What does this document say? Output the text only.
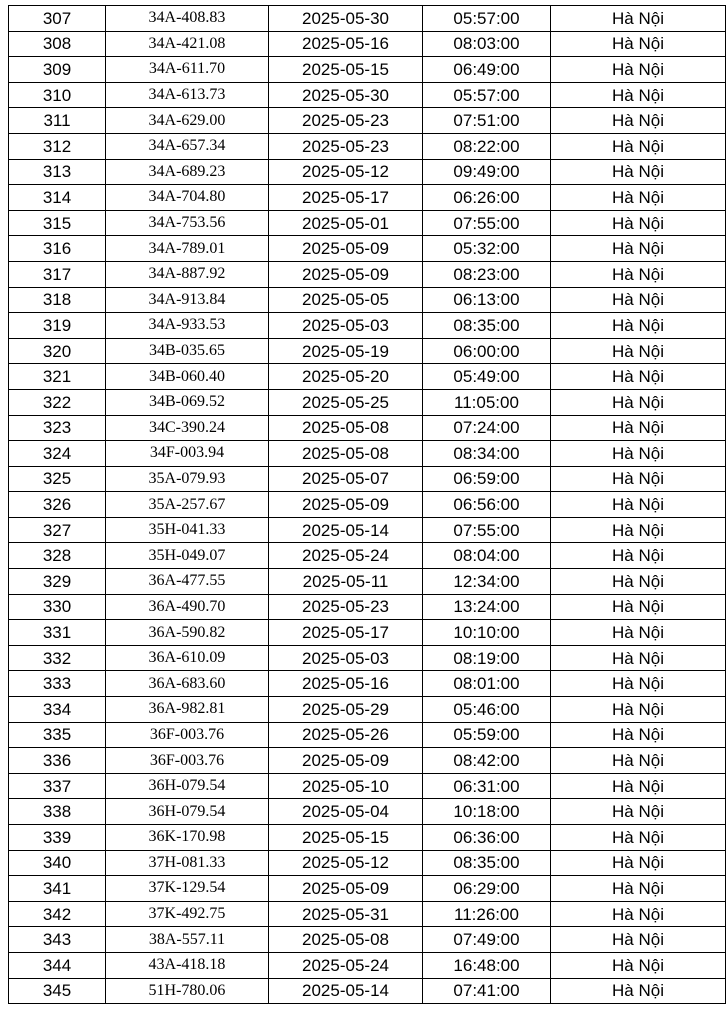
307	34A-408.83	2025-05-30	05:57:00	Hà Nội
308	34A-421.08	2025-05-16	08:03:00	Hà Nội
309	34A-611.70	2025-05-15	06:49:00	Hà Nội
310	34A-613.73	2025-05-30	05:57:00	Hà Nội
311	34A-629.00	2025-05-23	07:51:00	Hà Nội
312	34A-657.34	2025-05-23	08:22:00	Hà Nội
313	34A-689.23	2025-05-12	09:49:00	Hà Nội
314	34A-704.80	2025-05-17	06:26:00	Hà Nội
315	34A-753.56	2025-05-01	07:55:00	Hà Nội
316	34A-789.01	2025-05-09	05:32:00	Hà Nội
317	34A-887.92	2025-05-09	08:23:00	Hà Nội
318	34A-913.84	2025-05-05	06:13:00	Hà Nội
319	34A-933.53	2025-05-03	08:35:00	Hà Nội
320	34B-035.65	2025-05-19	06:00:00	Hà Nội
321	34B-060.40	2025-05-20	05:49:00	Hà Nội
322	34B-069.52	2025-05-25	11:05:00	Hà Nội
323	34C-390.24	2025-05-08	07:24:00	Hà Nội
324	34F-003.94	2025-05-08	08:34:00	Hà Nội
325	35A-079.93	2025-05-07	06:59:00	Hà Nội
326	35A-257.67	2025-05-09	06:56:00	Hà Nội
327	35H-041.33	2025-05-14	07:55:00	Hà Nội
328	35H-049.07	2025-05-24	08:04:00	Hà Nội
329	36A-477.55	2025-05-11	12:34:00	Hà Nội
330	36A-490.70	2025-05-23	13:24:00	Hà Nội
331	36A-590.82	2025-05-17	10:10:00	Hà Nội
332	36A-610.09	2025-05-03	08:19:00	Hà Nội
333	36A-683.60	2025-05-16	08:01:00	Hà Nội
334	36A-982.81	2025-05-29	05:46:00	Hà Nội
335	36F-003.76	2025-05-26	05:59:00	Hà Nội
336	36F-003.76	2025-05-09	08:42:00	Hà Nội
337	36H-079.54	2025-05-10	06:31:00	Hà Nội
338	36H-079.54	2025-05-04	10:18:00	Hà Nội
339	36K-170.98	2025-05-15	06:36:00	Hà Nội
340	37H-081.33	2025-05-12	08:35:00	Hà Nội
341	37K-129.54	2025-05-09	06:29:00	Hà Nội
342	37K-492.75	2025-05-31	11:26:00	Hà Nội
343	38A-557.11	2025-05-08	07:49:00	Hà Nội
344	43A-418.18	2025-05-24	16:48:00	Hà Nội
345	51H-780.06	2025-05-14	07:41:00	Hà Nội
